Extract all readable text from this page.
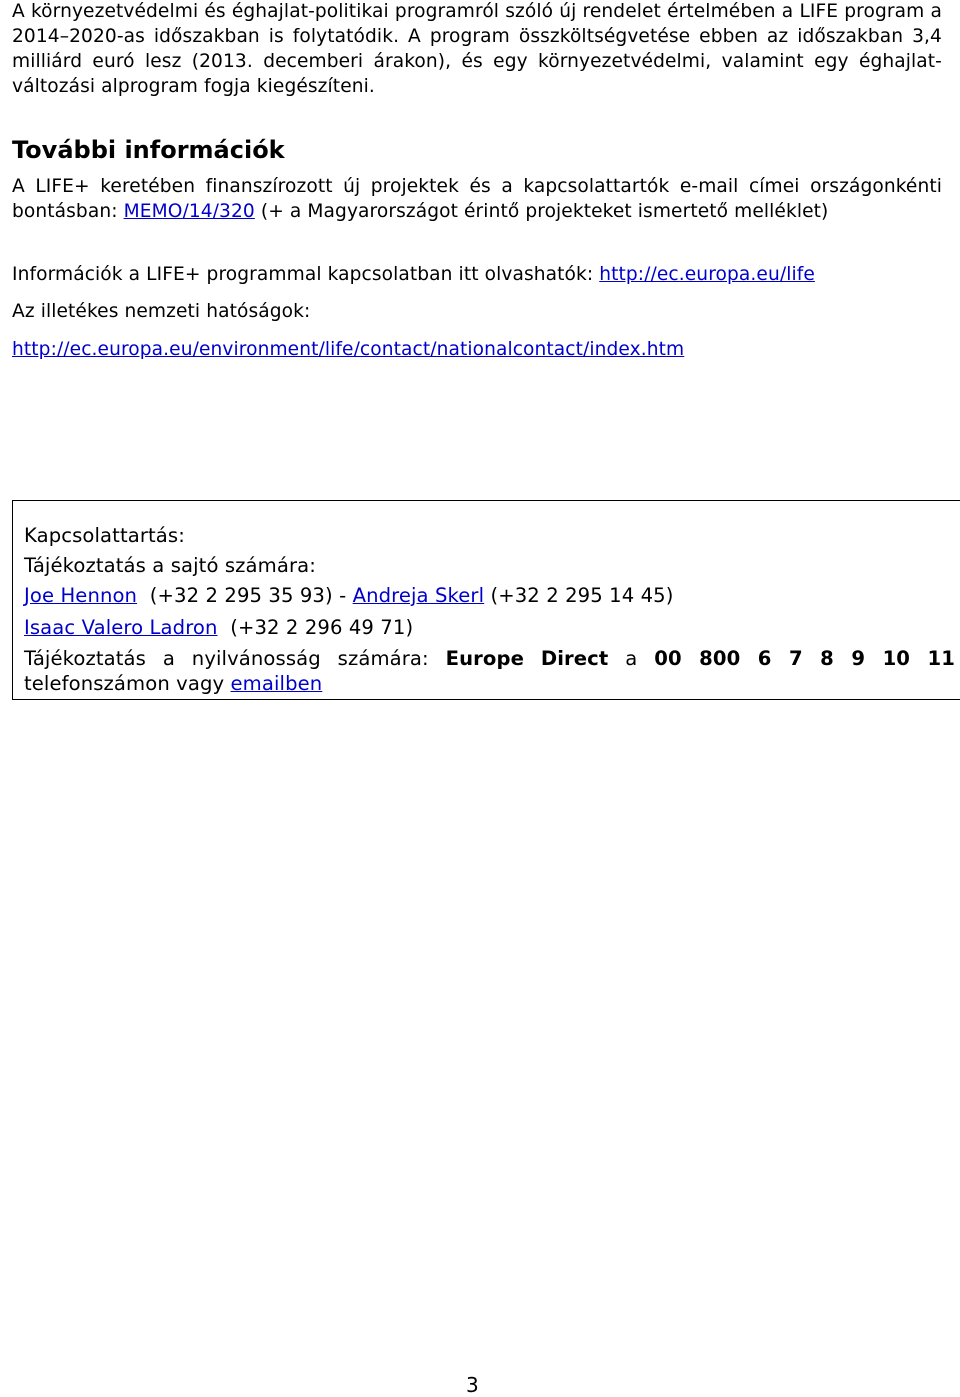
A környezetvédelmi és éghajlat-politikai programról szóló új rendelet értelmében a LIFE program a 2014–2020-as időszakban is folytatódik. A program összköltségvetése ebben az időszakban 3,4 milliárd euró lesz (2013. decemberi árakon), és egy környezetvédelmi, valamint egy éghajlat-változási alprogram fogja kiegészíteni.
További információk
A LIFE+ keretében finanszírozott új projektek és a kapcsolattartók e-mail címei országonkénti bontásban: MEMO/14/320 (+ a Magyarországot érintő projekteket ismertető melléklet)
Információk a LIFE+ programmal kapcsolatban itt olvashatók: http://ec.europa.eu/life
Az illetékes nemzeti hatóságok:
http://ec.europa.eu/environment/life/contact/nationalcontact/index.htm
Kapcsolattartás:
Tájékoztatás a sajtó számára:
Joe Hennon (+32 2 295 35 93) - Andreja Skerl (+32 2 295 14 45)
Isaac Valero Ladron (+32 2 296 49 71)
Tájékoztatás a nyilvánosság számára: Europe Direct a 00 800 6 7 8 9 10 11
telefonszámon vagy emailben
3
